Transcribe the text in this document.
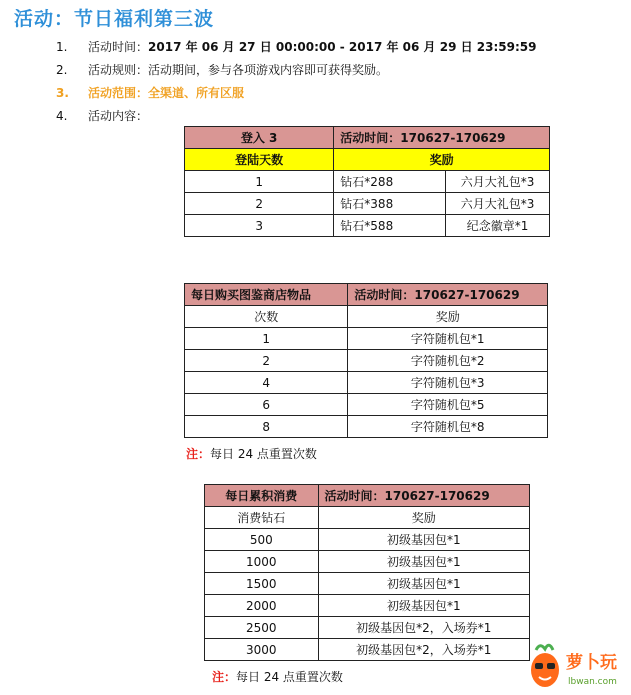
活动：节日福利第三波
1. 活动时间：2017 年 06 月 27 日 00:00:00 - 2017 年 06 月 29 日 23:59:59
2. 活动规则：活动期间，参与各项游戏内容即可获得奖励。
3. 活动范围：全渠道、所有区服
4. 活动内容：
登入 3	活动时间：170627-170629	
登陆天数	奖励	
1	钻石*288	六月大礼包*3
2	钻石*388	六月大礼包*3
3	钻石*588	纪念徽章*1
每日购买图鉴商店物品	活动时间：170627-170629
次数	奖励
1	字符随机包*1
2	字符随机包*2
4	字符随机包*3
6	字符随机包*5
8	字符随机包*8
注：每日 24 点重置次数
每日累积消费	活动时间：170627-170629
消费钻石	奖励
500	初级基因包*1
1000	初级基因包*1
1500	初级基因包*1
2000	初级基因包*1
2500	初级基因包*2，入场券*1
3000	初级基因包*2，入场券*1
注：每日 24 点重置次数
萝卜玩
lbwan.com
